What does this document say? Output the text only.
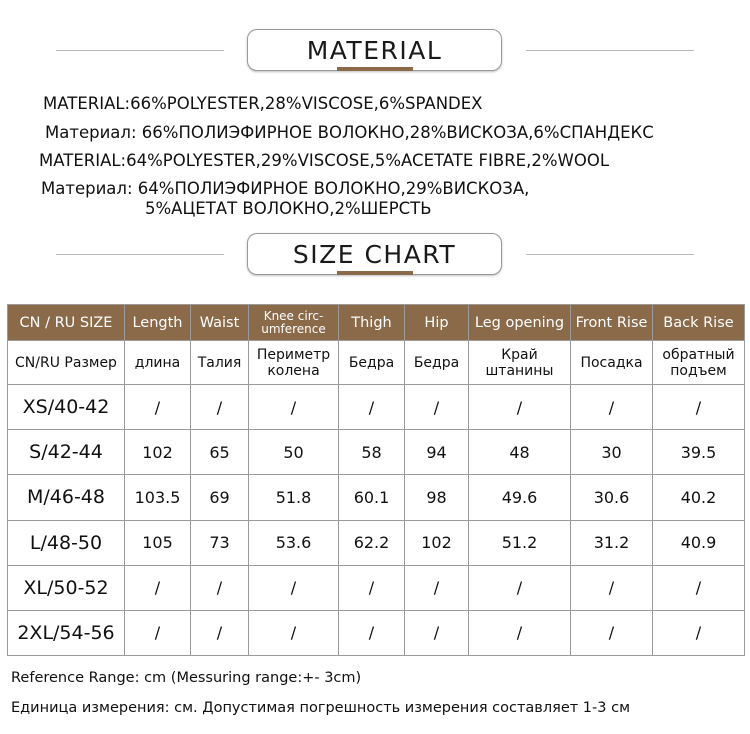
MATERIAL
MATERIAL:66%POLYESTER,28%VISCOSE,6%SPANDEX
Материал: 66%ПОЛИЭФИРНОЕ ВОЛОКНО,28%ВИСКОЗА,6%СПАНДЕКС
MATERIAL:64%POLYESTER,29%VISCOSE,5%ACETATE FIBRE,2%WOOL
Материал: 64%ПОЛИЭФИРНОЕ ВОЛОКНО,29%ВИСКОЗА,
5%АЦЕТАТ ВОЛОКНО,2%ШЕРСТЬ
SIZE CHART
CN / RU SIZE	Length	Waist	Knee circ-umference	Thigh	Hip	Leg opening	Front Rise	Back Rise
CN/RU Размер	длина	Талия	Периметр колена	Бедра	Бедра	Край штанины	Посадка	обратный подъем
XS/40-42	/	/	/	/	/	/	/	/
S/42-44	102	65	50	58	94	48	30	39.5
M/46-48	103.5	69	51.8	60.1	98	49.6	30.6	40.2
L/48-50	105	73	53.6	62.2	102	51.2	31.2	40.9
XL/50-52	/	/	/	/	/	/	/	/
2XL/54-56	/	/	/	/	/	/	/	/
Reference Range: cm (Messuring range:+- 3cm)
Единица измерения: см. Допустимая погрешность измерения составляет 1-3 см
